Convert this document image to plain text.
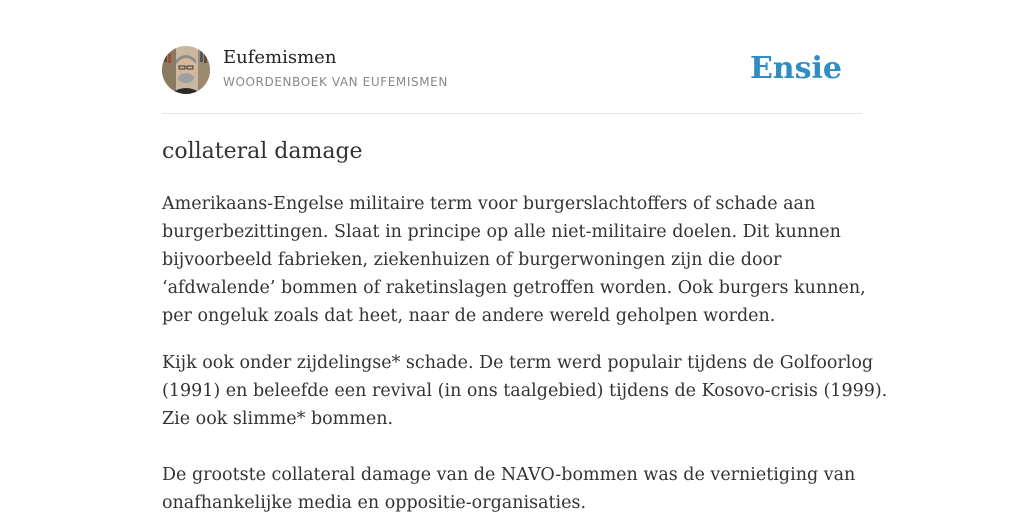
Eufemismen
WOORDENBOEK VAN EUFEMISMEN	Ensie
collateral damage

Amerikaans-Engelse militaire term voor burgerslachtoffers of schade aan
burgerbezittingen. Slaat in principe op alle niet-militaire doelen. Dit kunnen
bijvoorbeeld fabrieken, ziekenhuizen of burgerwoningen zijn die door
‘afdwalende’ bommen of raketinslagen getroffen worden. Ook burgers kunnen,
per ongeluk zoals dat heet, naar de andere wereld geholpen worden.

Kijk ook onder zijdelingse* schade. De term werd populair tijdens de Golfoorlog
(1991) en beleefde een revival (in ons taalgebied) tijdens de Kosovo-crisis (1999).
Zie ook slimme* bommen.

De grootste collateral damage van de NAVO-bommen was de vernietiging van
onafhankelijke media en oppositie-organisaties.
